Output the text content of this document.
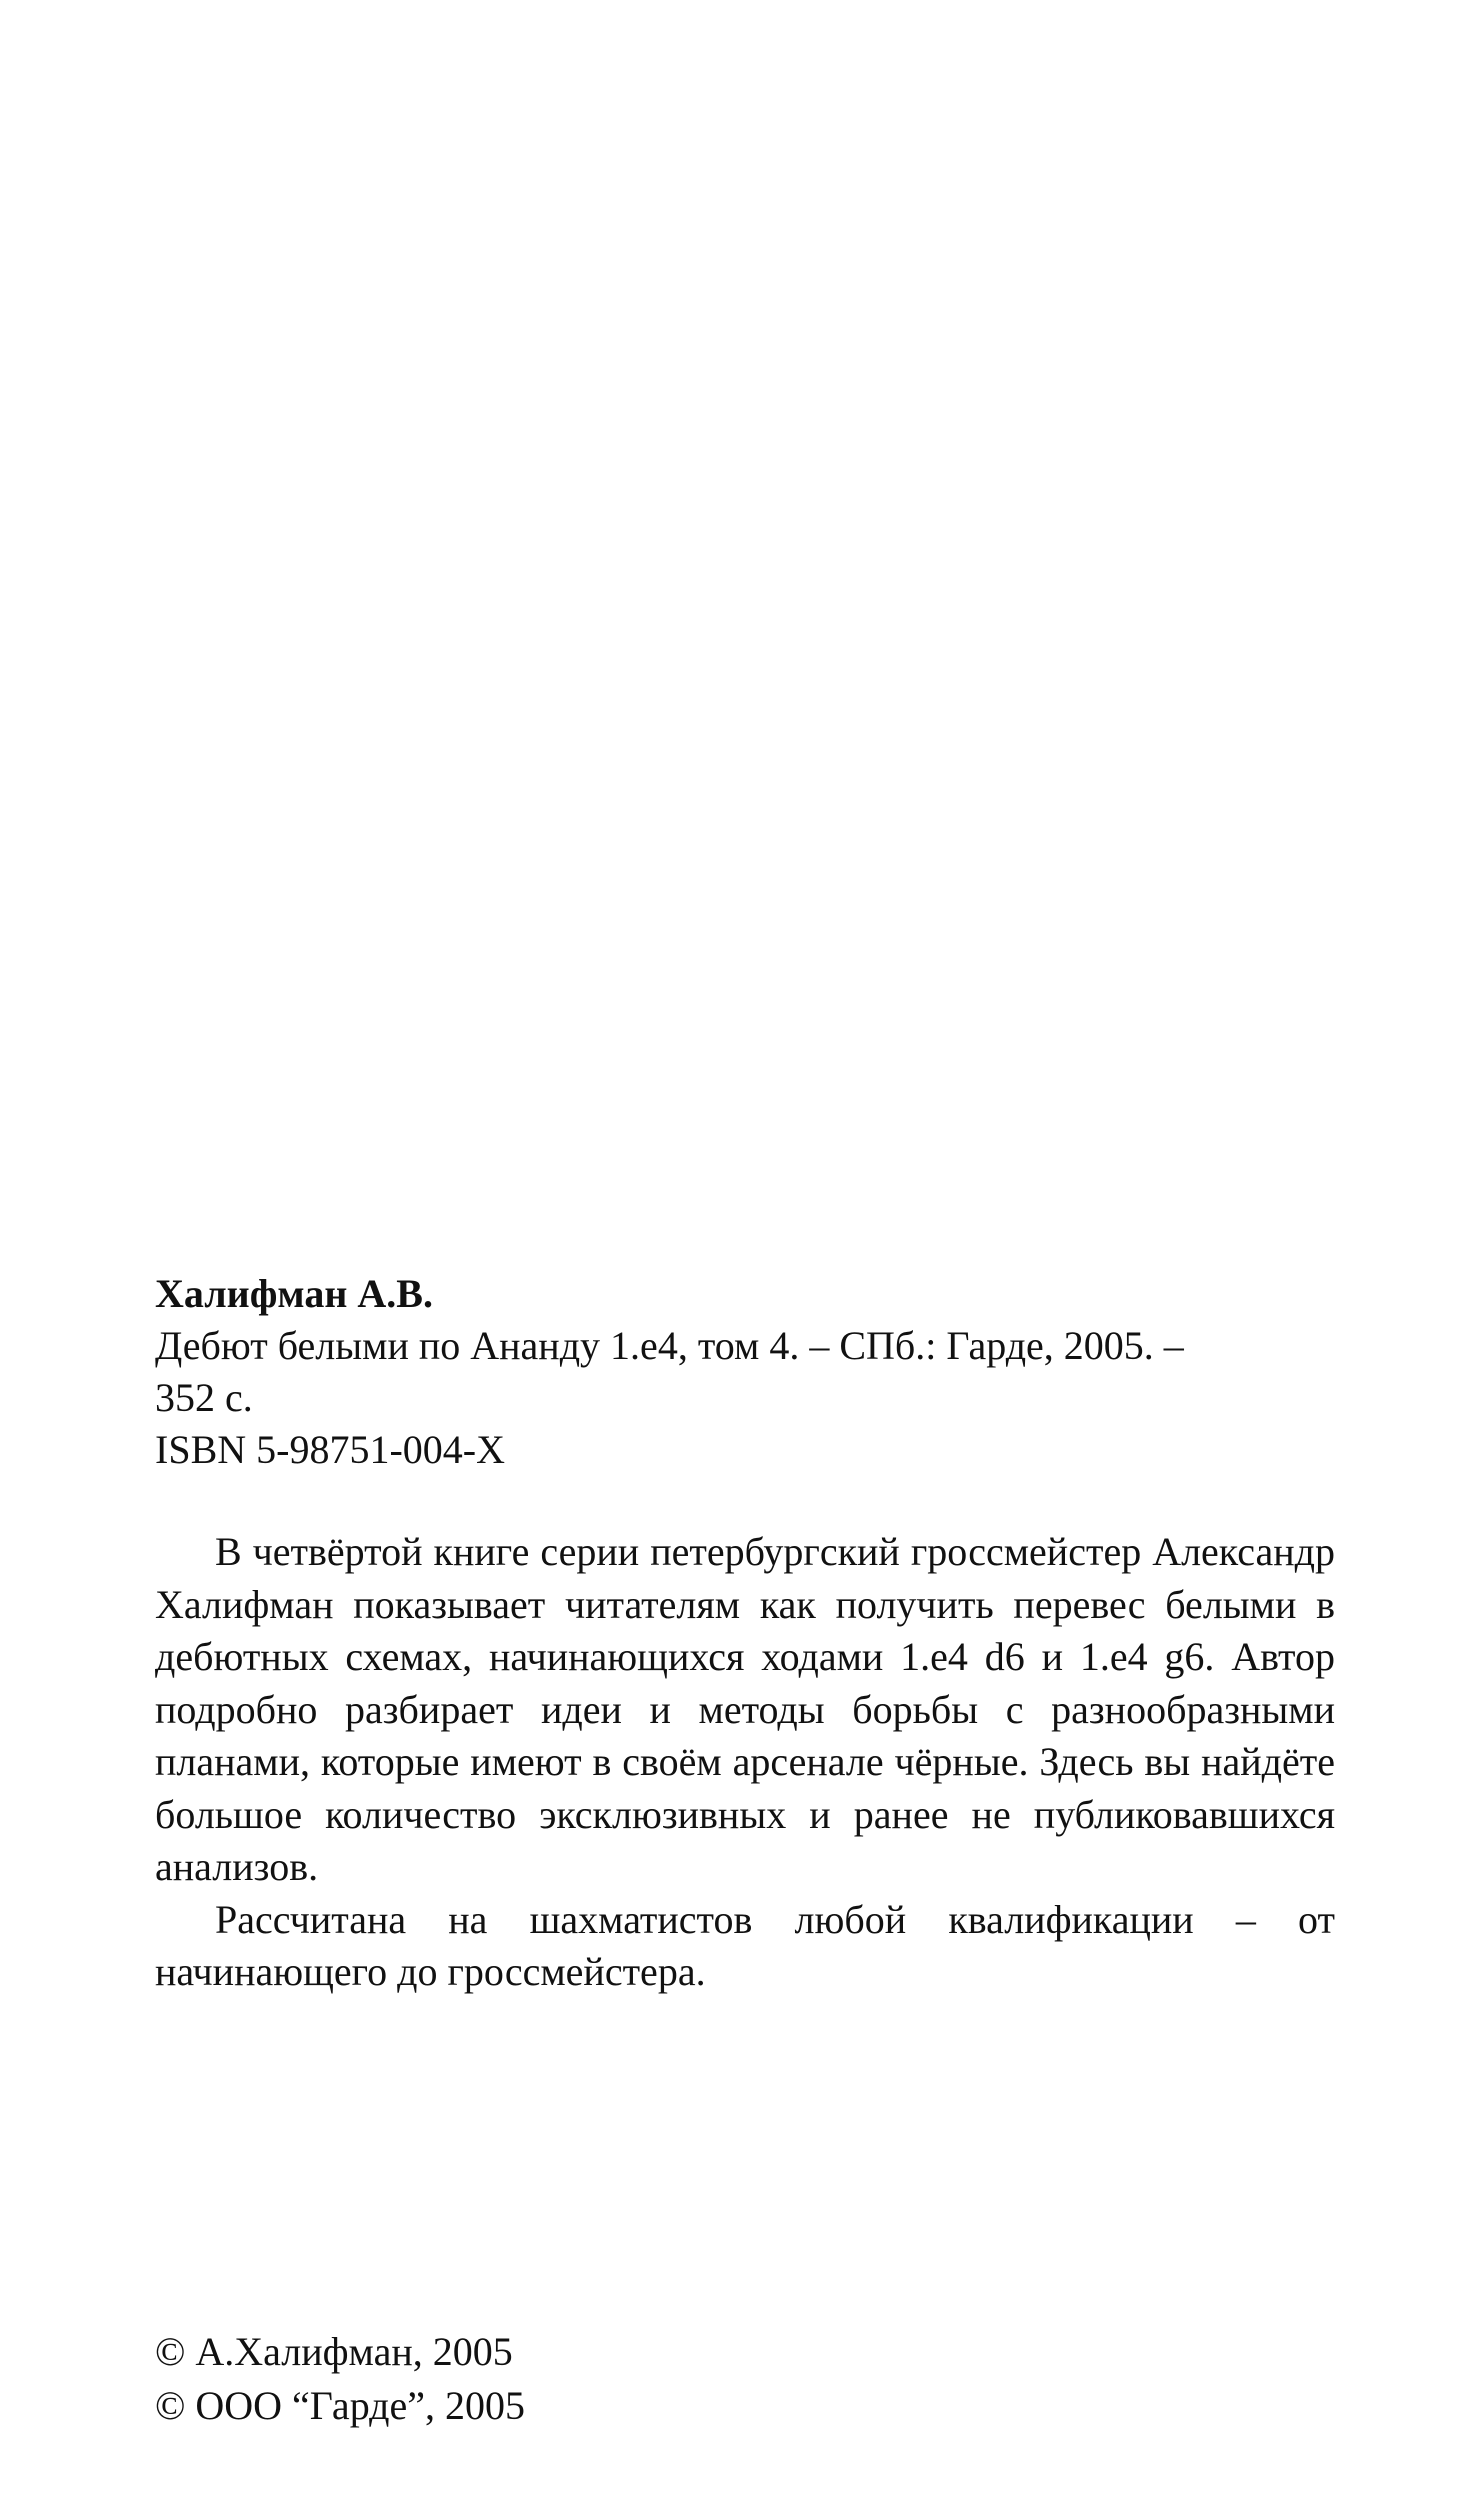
Халифман А.В.
Дебют белыми по Ананду 1.е4, том 4. – СПб.: Гарде, 2005. –
352 с.
ISBN 5-98751-004-X

В четвёртой книге серии петербургский гроссмейстер Александр Халифман показывает читателям как получить перевес белыми в дебютных схемах, начинающихся ходами 1.е4 d6 и 1.е4 g6. Автор подробно разбирает идеи и методы борьбы с разнообразными планами, которые имеют в своём арсенале чёрные. Здесь вы найдёте большое количество эксклюзивных и ранее не публиковавшихся анализов.

Рассчитана на шахматистов любой квалификации – от начинающего до гроссмейстера.

© А.Халифман, 2005
© ООО “Гарде”, 2005
